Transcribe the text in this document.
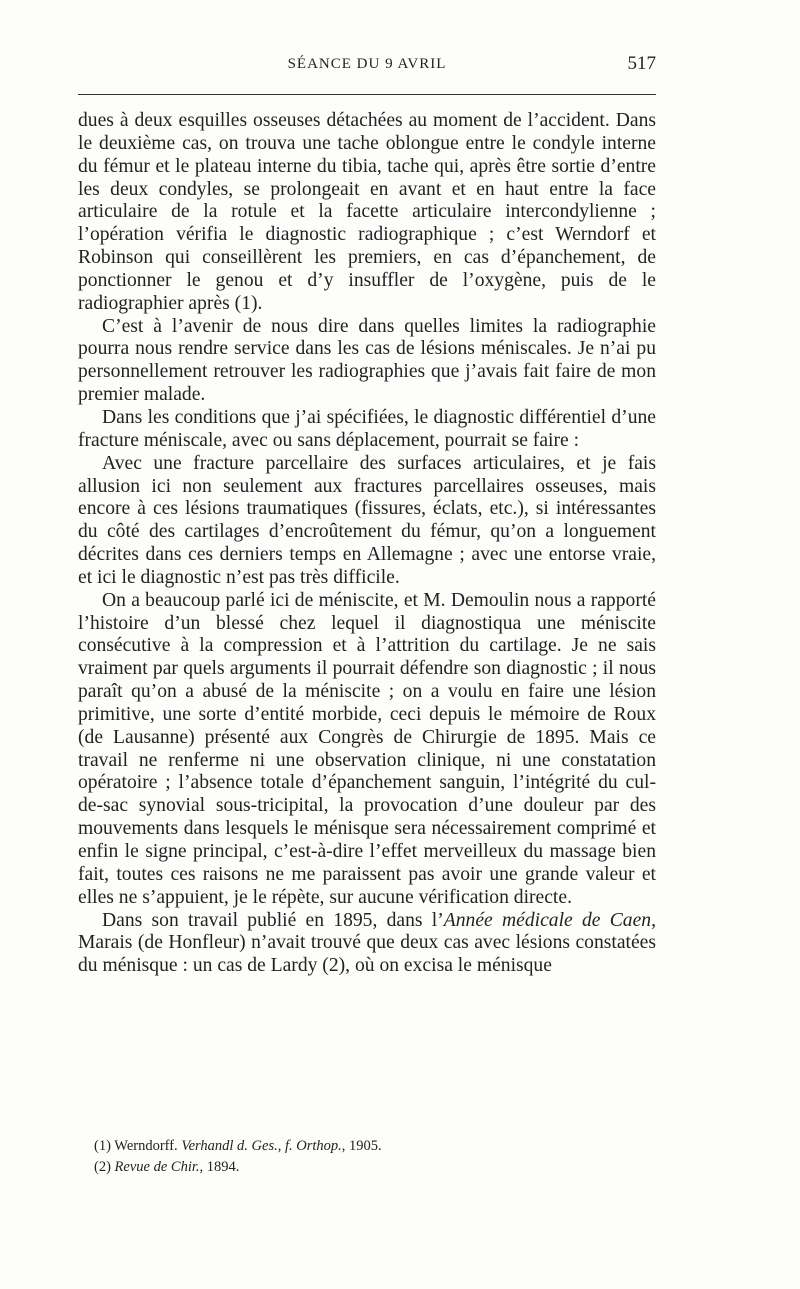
SÉANCE DU 9 AVRIL	517

dues à deux esquilles osseuses détachées au moment de l’accident. Dans le deuxième cas, on trouva une tache oblongue entre le condyle interne du fémur et le plateau interne du tibia, tache qui, après être sortie d’entre les deux condyles, se prolongeait en avant et en haut entre la face articulaire de la rotule et la facette articulaire intercondylienne ; l’opération vérifia le diagnostic radiographique ; c’est Werndorf et Robinson qui conseillèrent les premiers, en cas d’épanchement, de ponctionner le genou et d’y insuffler de l’oxygène, puis de le radiographier après (1).

C’est à l’avenir de nous dire dans quelles limites la radiographie pourra nous rendre service dans les cas de lésions méniscales. Je n’ai pu personnellement retrouver les radiographies que j’avais fait faire de mon premier malade.

Dans les conditions que j’ai spécifiées, le diagnostic différentiel d’une fracture méniscale, avec ou sans déplacement, pourrait se faire :

Avec une fracture parcellaire des surfaces articulaires, et je fais allusion ici non seulement aux fractures parcellaires osseuses, mais encore à ces lésions traumatiques (fissures, éclats, etc.), si intéressantes du côté des cartilages d’encroûtement du fémur, qu’on a longuement décrites dans ces derniers temps en Allemagne ; avec une entorse vraie, et ici le diagnostic n’est pas très difficile.

On a beaucoup parlé ici de méniscite, et M. Demoulin nous a rapporté l’histoire d’un blessé chez lequel il diagnostiqua une méniscite consécutive à la compression et à l’attrition du cartilage. Je ne sais vraiment par quels arguments il pourrait défendre son diagnostic ; il nous paraît qu’on a abusé de la méniscite ; on a voulu en faire une lésion primitive, une sorte d’entité morbide, ceci depuis le mémoire de Roux (de Lausanne) présenté aux Congrès de Chirurgie de 1895. Mais ce travail ne renferme ni une observation clinique, ni une constatation opératoire ; l’absence totale d’épanchement sanguin, l’intégrité du cul-de-sac synovial sous-tricipital, la provocation d’une douleur par des mouvements dans lesquels le ménisque sera nécessairement comprimé et enfin le signe principal, c’est-à-dire l’effet merveilleux du massage bien fait, toutes ces raisons ne me paraissent pas avoir une grande valeur et elles ne s’appuient, je le répète, sur aucune vérification directe.

Dans son travail publié en 1895, dans l’Année médicale de Caen, Marais (de Honfleur) n’avait trouvé que deux cas avec lésions constatées du ménisque : un cas de Lardy (2), où on excisa le ménisque

(1) Werndorff. Verhandl d. Ges., f. Orthop., 1905.

(2) Revue de Chir., 1894.
